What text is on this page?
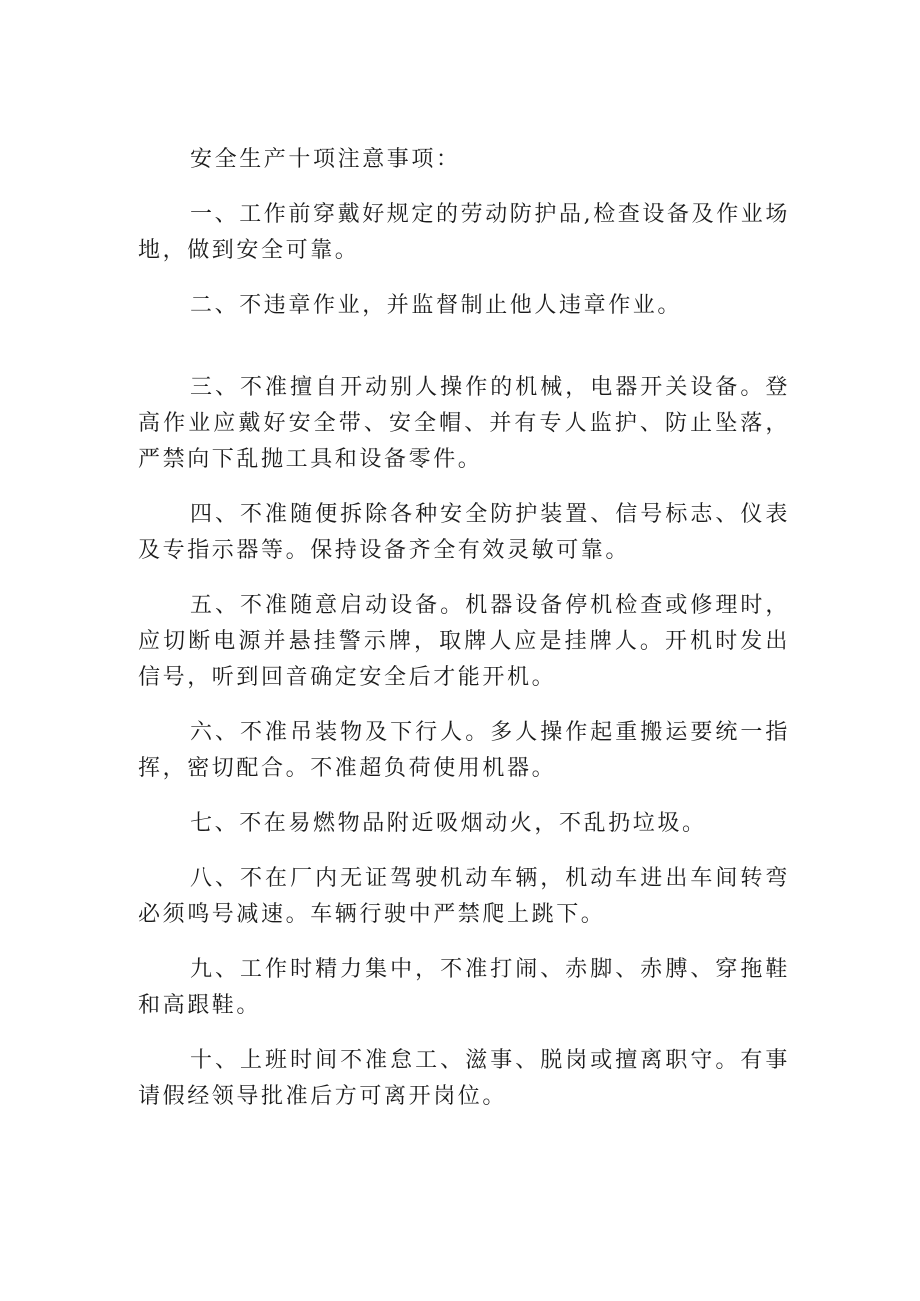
安全生产十项注意事项：

一、工作前穿戴好规定的劳动防护品,检查设备及作业场地，做到安全可靠。

二、不违章作业，并监督制止他人违章作业。

三、不准擅自开动别人操作的机械，电器开关设备。登高作业应戴好安全带、安全帽、并有专人监护、防止坠落，严禁向下乱抛工具和设备零件。

四、不准随便拆除各种安全防护装置、信号标志、仪表及专指示器等。保持设备齐全有效灵敏可靠。

五、不准随意启动设备。机器设备停机检查或修理时，应切断电源并悬挂警示牌，取牌人应是挂牌人。开机时发出信号，听到回音确定安全后才能开机。

六、不准吊装物及下行人。多人操作起重搬运要统一指挥，密切配合。不准超负荷使用机器。

七、不在易燃物品附近吸烟动火，不乱扔垃圾。

八、不在厂内无证驾驶机动车辆，机动车进出车间转弯必须鸣号减速。车辆行驶中严禁爬上跳下。

九、工作时精力集中，不准打闹、赤脚、赤膊、穿拖鞋和高跟鞋。

十、上班时间不准怠工、滋事、脱岗或擅离职守。有事请假经领导批准后方可离开岗位。
